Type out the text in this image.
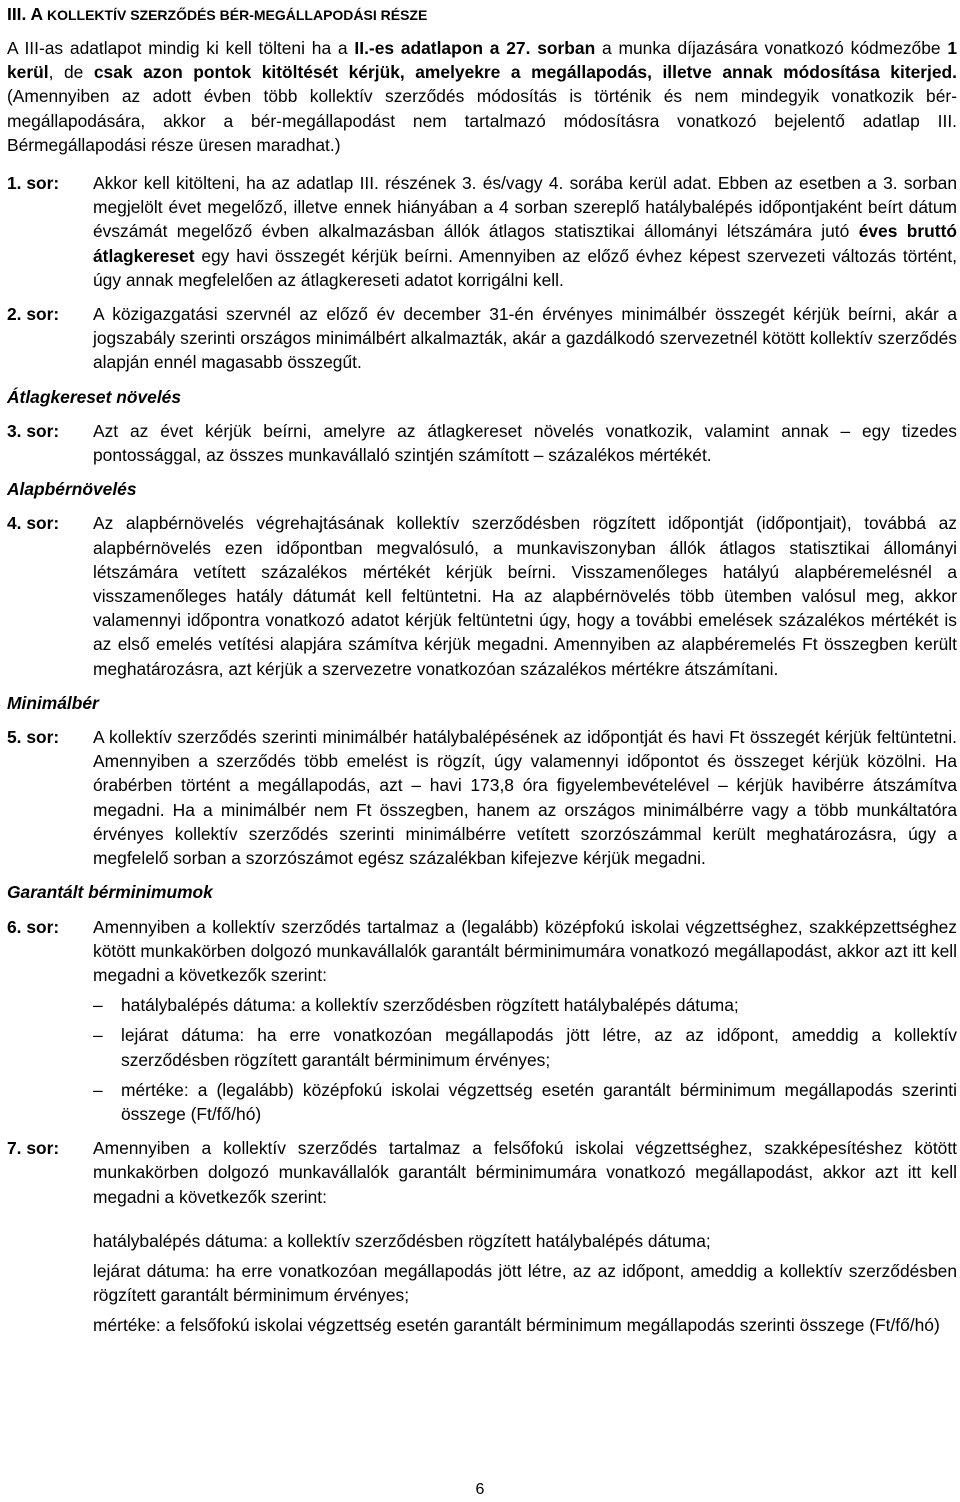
III. A KOLLEKTÍV SZERZŐDÉS BÉR-MEGÁLLAPODÁSI RÉSZE

A III-as adatlapot mindig ki kell tölteni ha a II.-es adatlapon a 27. sorban a munka díjazására vonatkozó kódmezőbe 1 kerül, de csak azon pontok kitöltését kérjük, amelyekre a megállapodás, illetve annak módosítása kiterjed. (Amennyiben az adott évben több kollektív szerződés módosítás is történik és nem mindegyik vonatkozik bér-megállapodására, akkor a bér-megállapodást nem tartalmazó módosításra vonatkozó bejelentő adatlap III. Bérmegállapodási része üresen maradhat.)

1. sor:	Akkor kell kitölteni, ha az adatlap III. részének 3. és/vagy 4. sorába kerül adat. Ebben az esetben a 3. sorban megjelölt évet megelőző, illetve ennek hiányában a 4 sorban szereplő hatálybalépés időpontjaként beírt dátum évszámát megelőző évben alkalmazásban állók átlagos statisztikai állományi létszámára jutó éves bruttó átlagkereset egy havi összegét kérjük beírni. Amennyiben az előző évhez képest szervezeti változás történt, úgy annak megfelelően az átlagkereseti adatot korrigálni kell.
2. sor:	A közigazgatási szervnél az előző év december 31-én érvényes minimálbér összegét kérjük beírni, akár a jogszabály szerinti országos minimálbért alkalmazták, akár a gazdálkodó szervezetnél kötött kollektív szerződés alapján ennél magasabb összegűt.

Átlagkereset növelés

3. sor:	Azt az évet kérjük beírni, amelyre az átlagkereset növelés vonatkozik, valamint annak – egy tizedes pontossággal, az összes munkavállaló szintjén számított – százalékos mértékét.

Alapbérnövelés

4. sor:	Az alapbérnövelés végrehajtásának kollektív szerződésben rögzített időpontját (időpontjait), továbbá az alapbérnövelés ezen időpontban megvalósuló, a munkaviszonyban állók átlagos statisztikai állományi létszámára vetített százalékos mértékét kérjük beírni. Visszamenőleges hatályú alapbéremelésnél a visszamenőleges hatály dátumát kell feltüntetni. Ha az alapbérnövelés több ütemben valósul meg, akkor valamennyi időpontra vonatkozó adatot kérjük feltüntetni úgy, hogy a további emelések százalékos mértékét is az első emelés vetítési alapjára számítva kérjük megadni. Amennyiben az alapbéremelés Ft összegben került meghatározásra, azt kérjük a szervezetre vonatkozóan százalékos mértékre átszámítani.

Minimálbér

5. sor:	A kollektív szerződés szerinti minimálbér hatálybalépésének az időpontját és havi Ft összegét kérjük feltüntetni. Amennyiben a szerződés több emelést is rögzít, úgy valamennyi időpontot és összeget kérjük közölni. Ha órabérben történt a megállapodás, azt – havi 173,8 óra figyelembevételével – kérjük havibérre átszámítva megadni. Ha a minimálbér nem Ft összegben, hanem az országos minimálbérre vagy a több munkáltatóra érvényes kollektív szerződés szerinti minimálbérre vetített szorzószámmal került meghatározásra, úgy a megfelelő sorban a szorzószámot egész százalékban kifejezve kérjük megadni.

Garantált bérminimumok

6. sor:	Amennyiben a kollektív szerződés tartalmaz a (legalább) középfokú iskolai végzettséghez, szakképzettséghez kötött munkakörben dolgozó munkavállalók garantált bérminimumára vonatkozó megállapodást, akkor azt itt kell megadni a következők szerint:
–	hatálybalépés dátuma: a kollektív szerződésben rögzített hatálybalépés dátuma;
–	lejárat dátuma: ha erre vonatkozóan megállapodás jött létre, az az időpont, ameddig a kollektív szerződésben rögzített garantált bérminimum érvényes;
–	mértéke: a (legalább) középfokú iskolai végzettség esetén garantált bérminimum megállapodás szerinti összege (Ft/fő/hó)
7. sor:	Amennyiben a kollektív szerződés tartalmaz a felsőfokú iskolai végzettséghez, szakképesítéshez kötött munkakörben dolgozó munkavállalók garantált bérminimumára vonatkozó megállapodást, akkor azt itt kell megadni a következők szerint:
hatálybalépés dátuma: a kollektív szerződésben rögzített hatálybalépés dátuma;
lejárat dátuma: ha erre vonatkozóan megállapodás jött létre, az az időpont, ameddig a kollektív szerződésben rögzített garantált bérminimum érvényes;
mértéke: a felsőfokú iskolai végzettség esetén garantált bérminimum megállapodás szerinti összege (Ft/fő/hó)
6
